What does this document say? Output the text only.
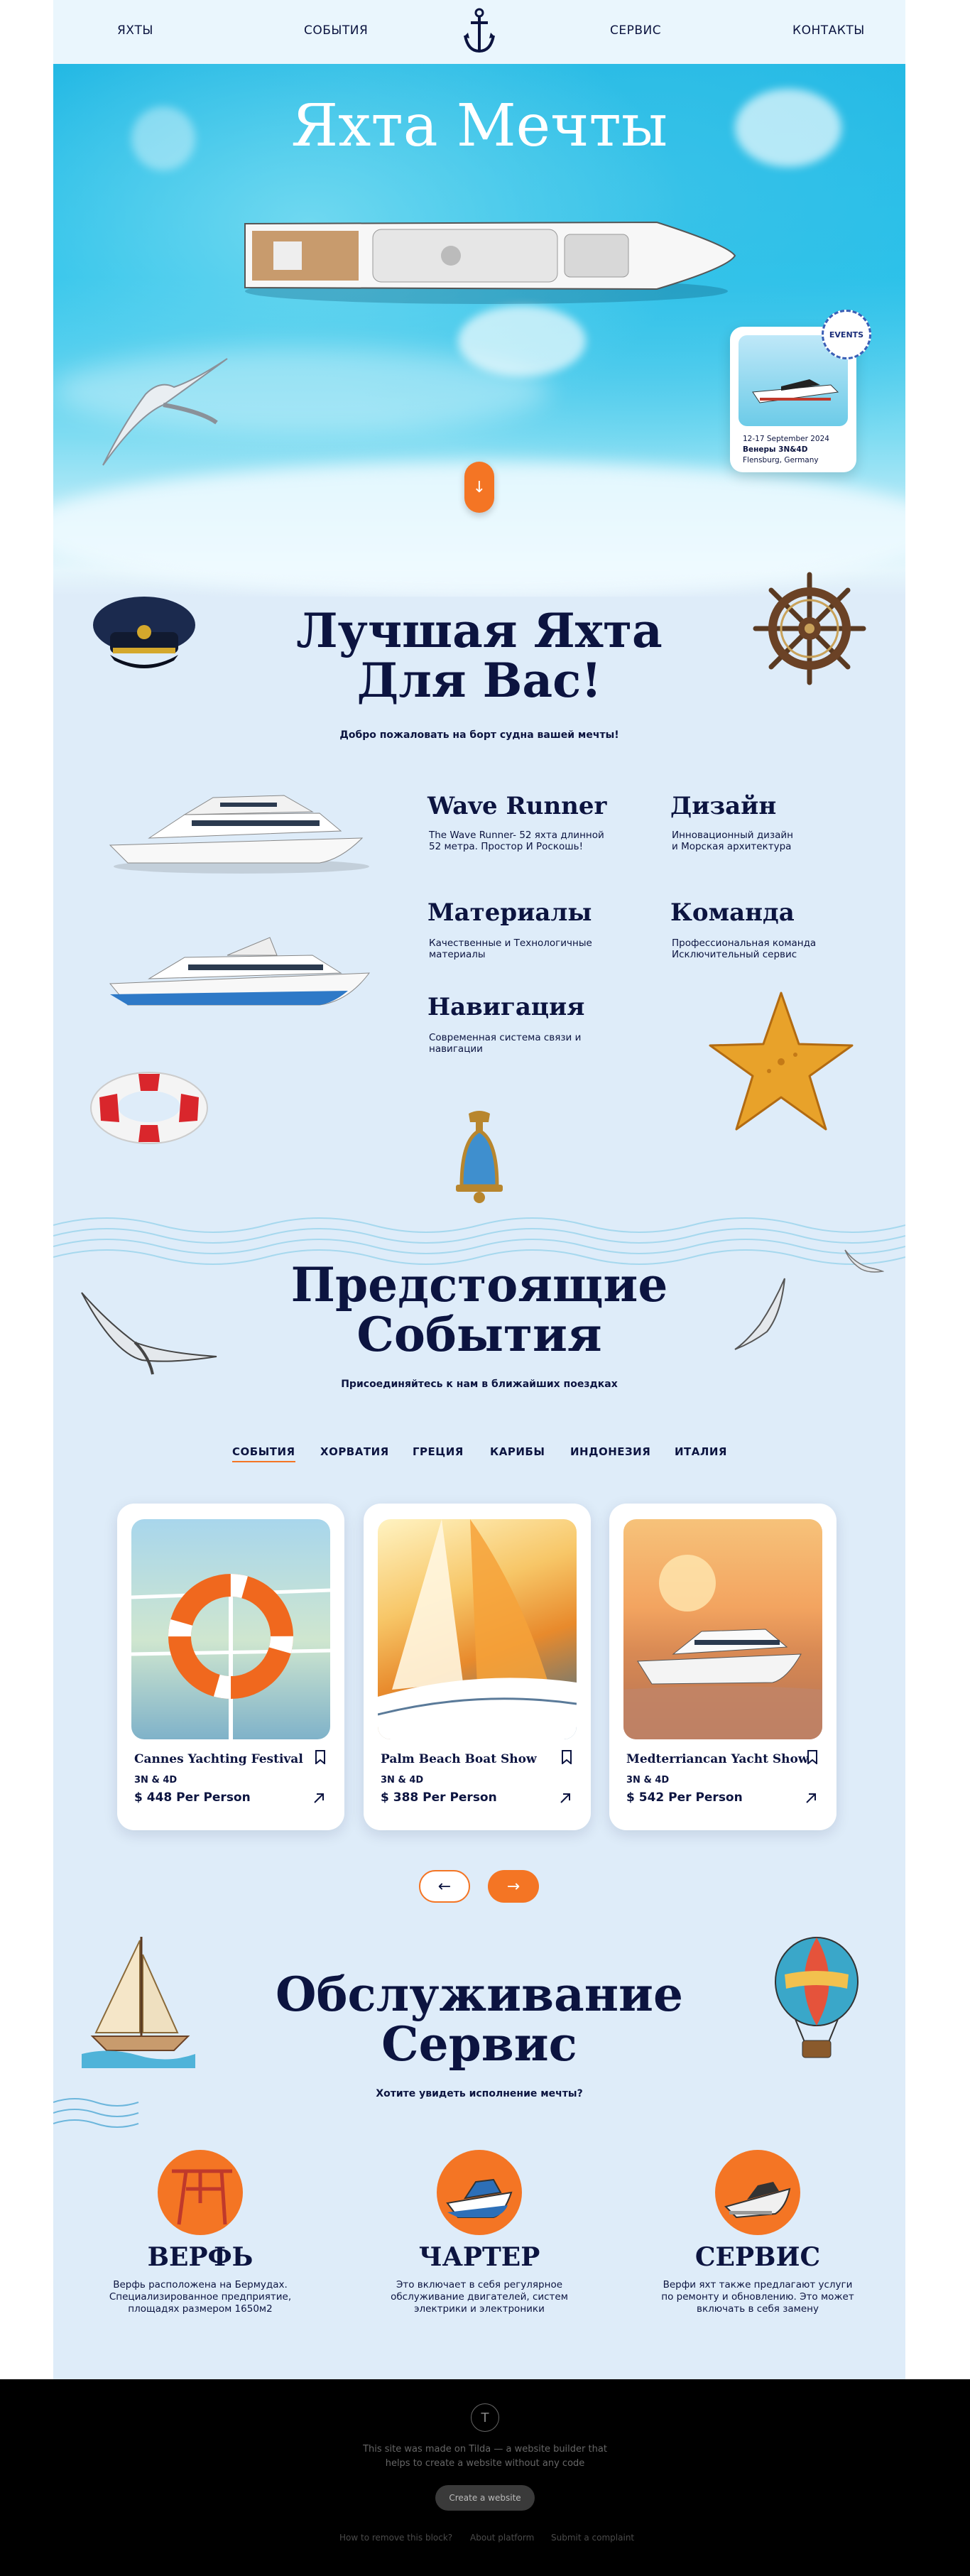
ЯХТЫ	СОБЫТИЯ	СЕРВИС	КОНТАКТЫ
Яхта Мечты
12-17 September 2024
Венеры 3N&4D
Flensburg, Germany
EVENTS
↓
Лучшая Яхта
Для Вас!
Добро пожаловать на борт судна вашей мечты!
Wave Runner
The Wave Runner- 52 яхта длинной
52 метра. Простор И Роскошь!
Дизайн
Инновационный дизайн
и Морская архитектура
Материалы
Качественные и Технологичные
материалы
Команда
Профессиональная команда
Исключительный сервис
Навигация
Современная система связи и
навигации
Предстоящие
События
Присоединяйтесь к нам в ближайших поездках
СОБЫТИЯ ХОРВАТИЯ ГРЕЦИЯ КАРИБЫ ИНДОНЕЗИЯ ИТАЛИЯ
Cannes Yachting Festival
3N & 4D
$ 448 Per Person
Palm Beach Boat Show
3N & 4D
$ 388 Per Person
Medterriancan Yacht Show
3N & 4D
$ 542 Per Person
←	→
Обслуживание
Сервис
Хотите увидеть исполнение мечты?
ВЕРФЬ
Верфь расположена на Бермудах.
Специализированное предприятие,
площадях размером 1650м2
ЧАРТЕР
Это включает в себя регулярное
обслуживание двигателей, систем
электрики и электроники
СЕРВИС
Верфи яхт также предлагают услуги
по ремонту и обновлению. Это может
включать в себя замену
T
This site was made on Tilda — a website builder that
helps to create a website without any code
Create a website
How to remove this block? About platform Submit a complaint
